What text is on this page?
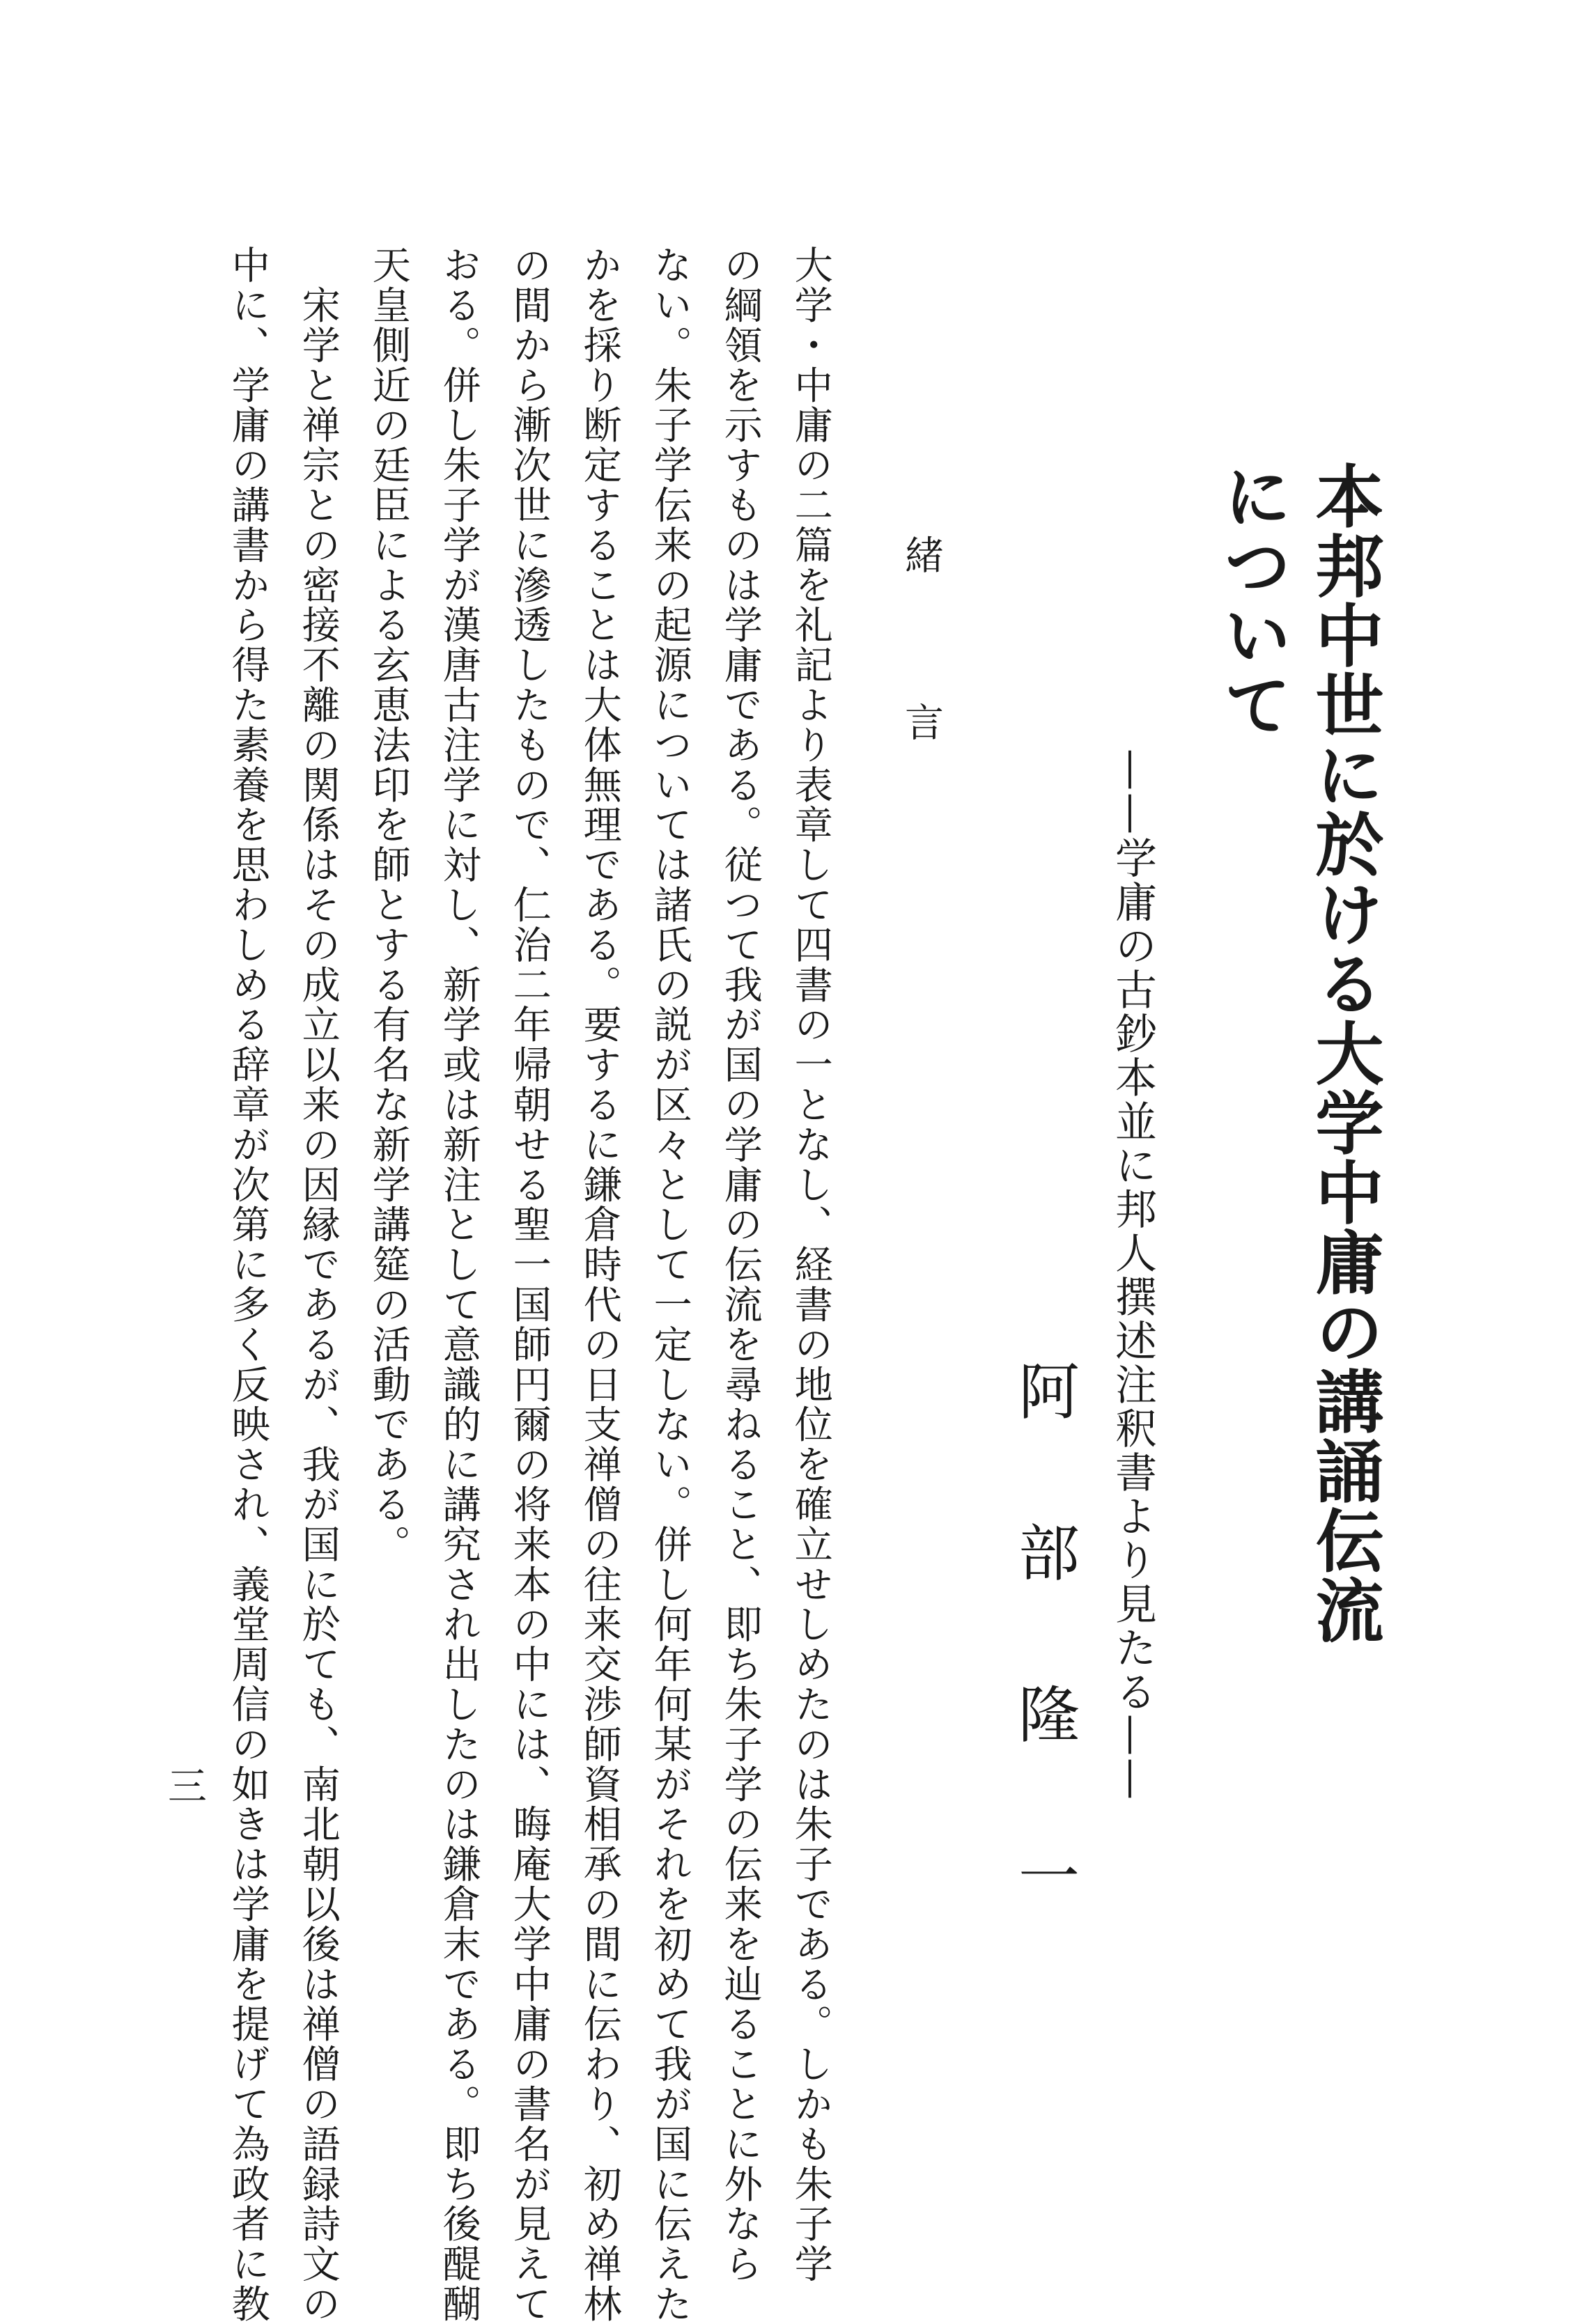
本邦中世に於ける大学中庸の講誦伝流
について
——学庸の古鈔本並に邦人撰述注釈書より見たる——
阿
部
隆
一
緒
言
大学・中庸の二篇を礼記より表章して四書の一となし、経書の地位を確立せしめたのは朱子である。しかも朱子学
の綱領を示すものは学庸である。従つて我が国の学庸の伝流を尋ねること、即ち朱子学の伝来を辿ることに外なら
ない。朱子学伝来の起源については諸氏の説が区々として一定しない。併し何年何某がそれを初めて我が国に伝えた
かを採り断定することは大体無理である。要するに鎌倉時代の日支禅僧の往来交渉師資相承の間に伝わり、初め禅林
の間から漸次世に滲透したもので、仁治二年帰朝せる聖一国師円爾の将来本の中には、晦庵大学中庸の書名が見えて
おる。併し朱子学が漢唐古注学に対し、新学或は新注として意識的に講究され出したのは鎌倉末である。即ち後醍醐
天皇側近の廷臣による玄恵法印を師とする有名な新学講筵の活動である。
　宋学と禅宗との密接不離の関係はその成立以来の因縁であるが、我が国に於ても、南北朝以後は禅僧の語録詩文の
中に、学庸の講書から得た素養を思わしめる辞章が次第に多く反映され、義堂周信の如きは学庸を提げて為政者に教
三
